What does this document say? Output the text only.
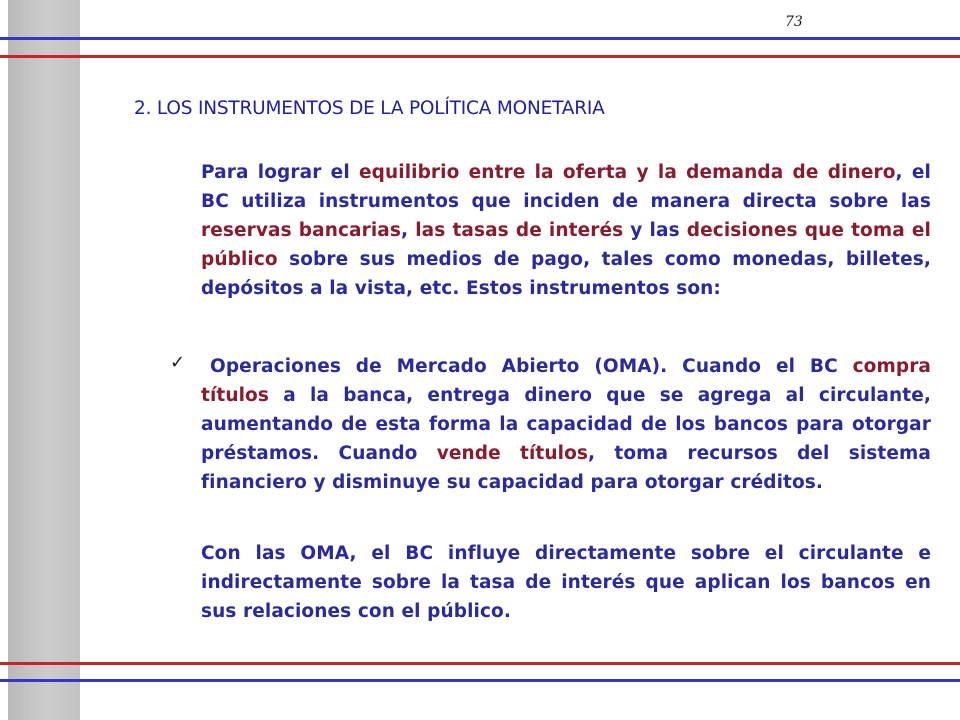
73
2. LOS INSTRUMENTOS DE LA POLÍTICA MONETARIA

Para lograr el equilibrio entre la oferta y la demanda de dinero, el BC utiliza instrumentos que inciden de manera directa sobre las reservas bancarias, las tasas de interés y las decisiones que toma el público sobre sus medios de pago, tales como monedas, billetes, depósitos a la vista, etc. Estos instrumentos son:

✓	Operaciones de Mercado Abierto (OMA). Cuando el BC compra títulos a la banca, entrega dinero que se agrega al circulante, aumentando de esta forma la capacidad de los bancos para otorgar préstamos. Cuando vende títulos, toma recursos del sistema financiero y disminuye su capacidad para otorgar créditos.

Con las OMA, el BC influye directamente sobre el circulante e indirectamente sobre la tasa de interés que aplican los bancos en sus relaciones con el público.
